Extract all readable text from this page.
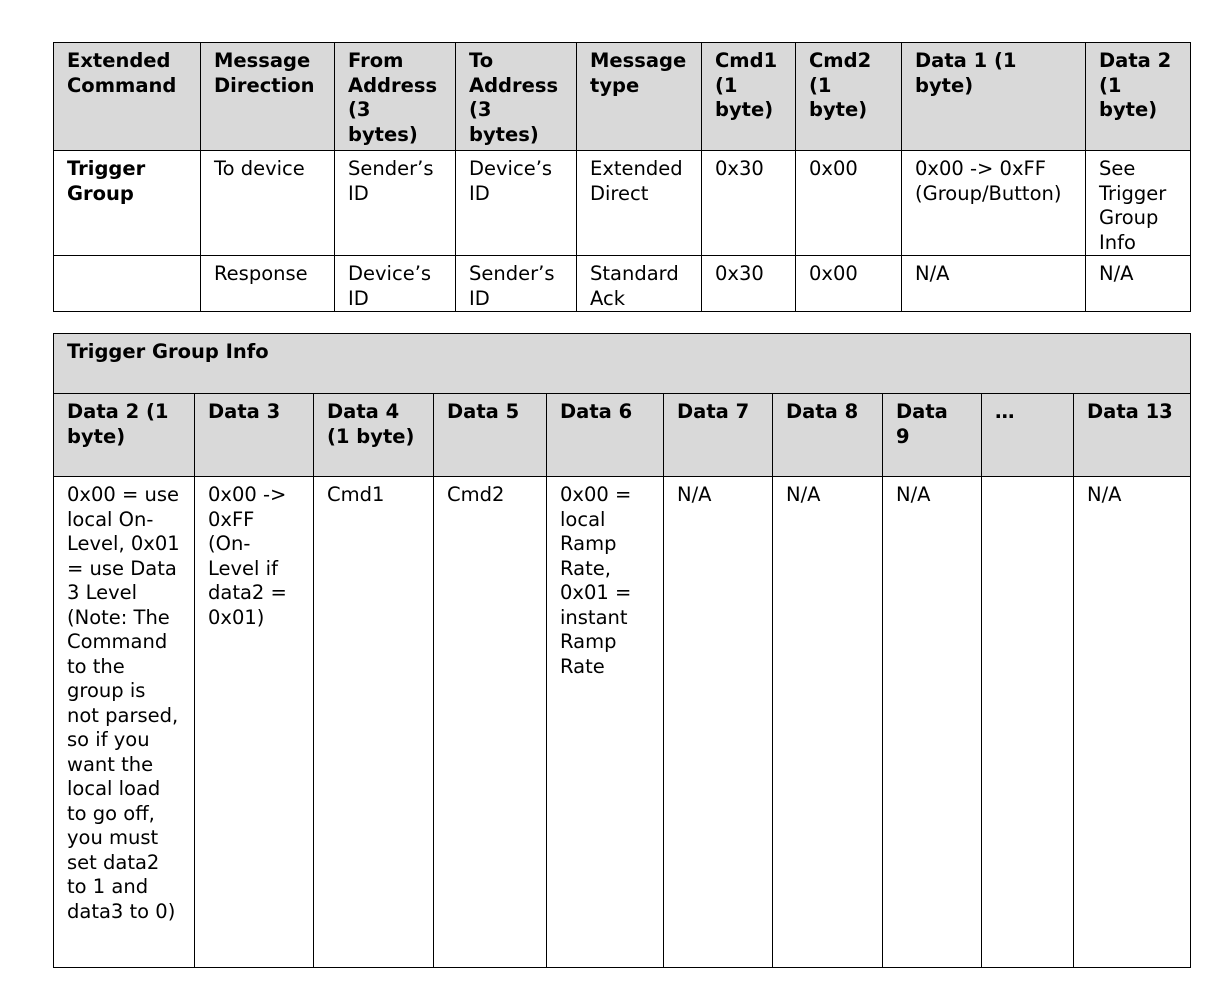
Extended Command	Message Direction	From Address (3 bytes)	To Address (3 bytes)	Message type	Cmd1 (1 byte)	Cmd2 (1 byte)	Data 1 (1 byte)	Data 2 (1 byte)
Trigger Group	To device	Sender’s ID	Device’s ID	Extended Direct	0x30	0x00	0x00 -> 0xFF (Group/Button)	See Trigger Group Info
	Response	Device’s ID	Sender’s ID	Standard Ack	0x30	0x00	N/A	N/A
Trigger Group Info									
Data 2 (1 byte)	Data 3	Data 4 (1 byte)	Data 5	Data 6	Data 7	Data 8	Data 9	…	Data 13
0x00 = use local On-Level, 0x01 = use Data 3 Level (Note: The Command to the group is not parsed, so if you want the local load to go off, you must set data2 to 1 and data3 to 0)	0x00 -> 0xFF (On-Level if data2 = 0x01)	Cmd1	Cmd2	0x00 = local Ramp Rate, 0x01 = instant Ramp Rate	N/A	N/A	N/A		N/A
